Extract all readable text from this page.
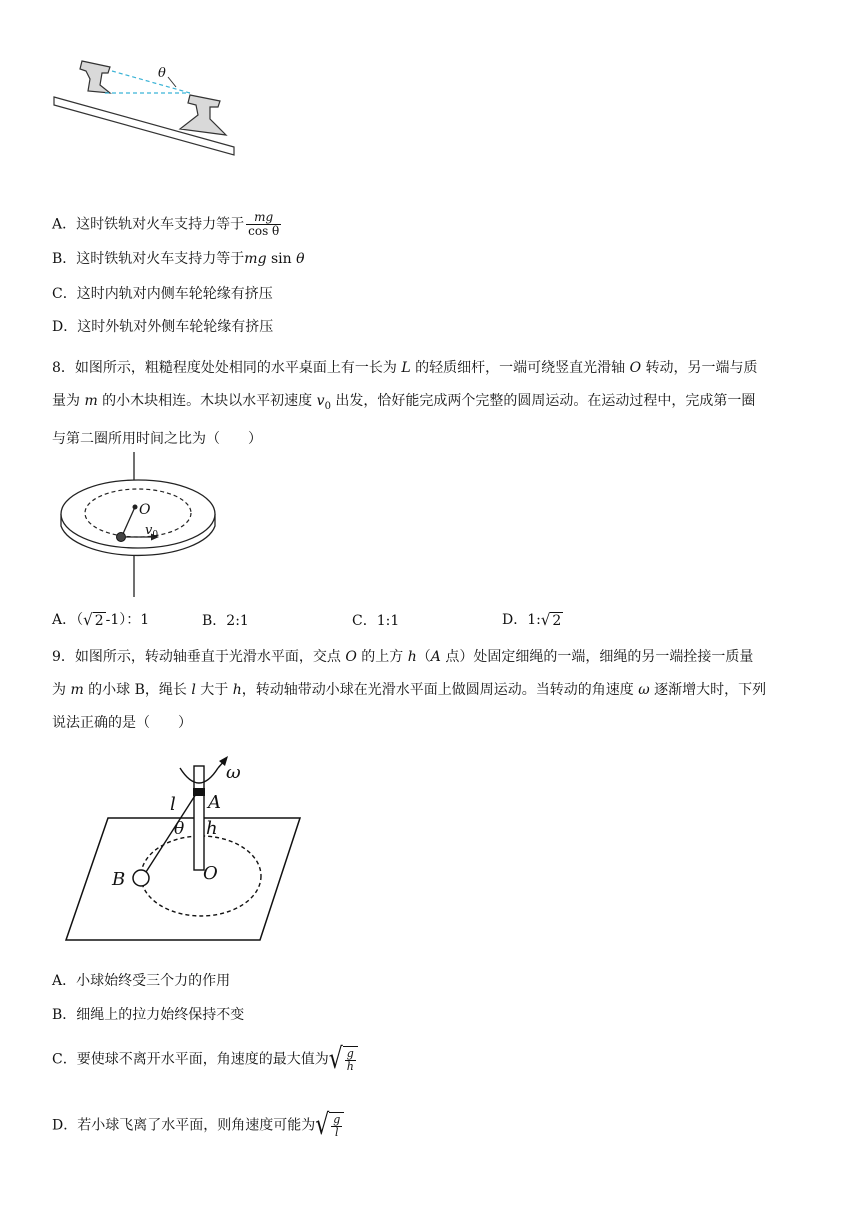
θ
A．这时铁轨对火车支持力等于 $\frac{mg}{\text{cos θ}}$
B．这时铁轨对火车支持力等于mg sin θ
C．这时内轨对内侧车轮轮缘有挤压
D．这时外轨对外侧车轮轮缘有挤压
8．如图所示，粗糙程度处处相同的水平桌面上有一长为 L 的轻质细杆，一端可绕竖直光滑轴 O 转动，另一端与质
量为 m 的小木块相连。木块以水平初速度 $v_0$ 出发，恰好能完成两个完整的圆周运动。在运动过程中，完成第一圈
与第二圈所用时间之比为（　　）
O
$v_0$
A．（√ 2 -1）：1	B．2:1	C．1:1	D．1:√ 2
9．如图所示，转动轴垂直于光滑水平面，交点 O 的上方 h（A 点）处固定细绳的一端，细绳的另一端拴接一质量
为 m 的小球 B，绳长 l 大于 h，转动轴带动小球在光滑水平面上做圆周运动。当转动的角速度 ω 逐渐增大时，下列
说法正确的是（　　）
ω
l A
θ h
B	O
A．小球始终受三个力的作用
B．细绳上的拉力始终保持不变
C．要使球不离开水平面，角速度的最大值为√ $\frac{g}{h}$
D．若小球飞离了水平面，则角速度可能为√ $\frac{g}{l}$
